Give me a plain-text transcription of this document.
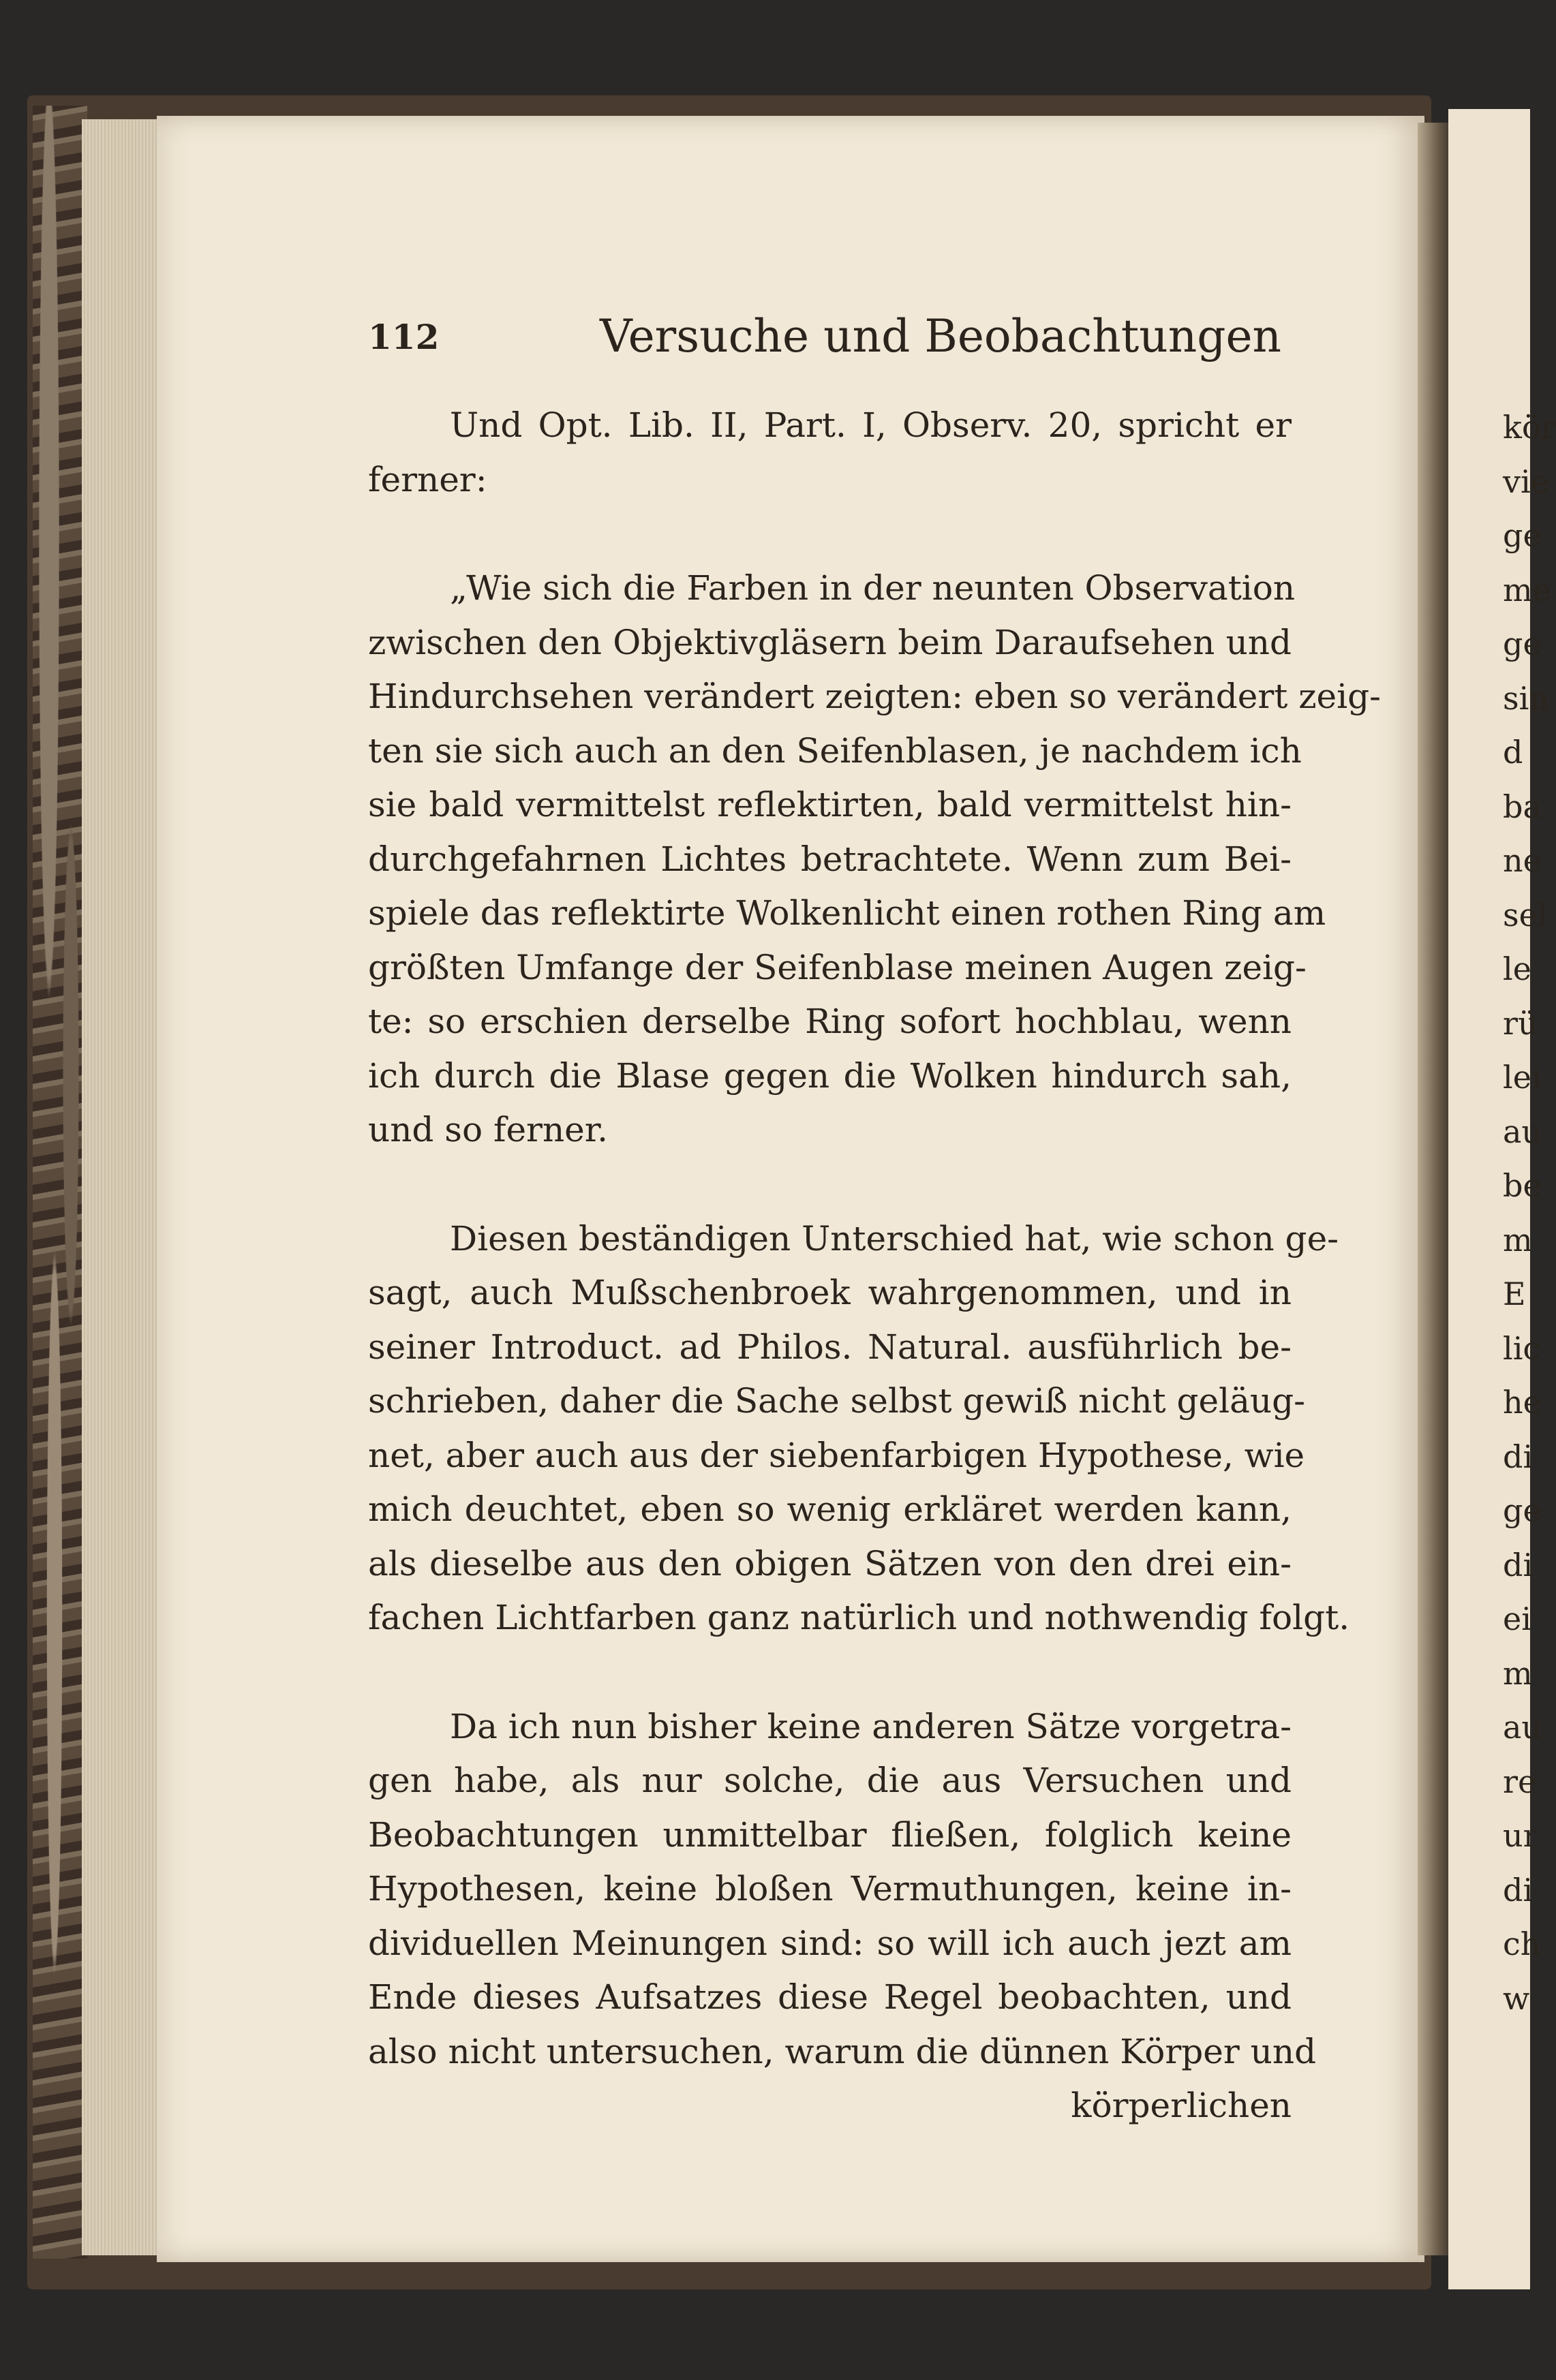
kör
vie
ge
me
ge
sin
d
ba
ne
sel
le
rü
lei
au
be
m
E
lic
he
di
ge
di
ei
m
au
re
ur
di
ch
w
112	Versuche und Beobachtungen
Und Opt. Lib. II, Part. I, Observ. 20, spricht er
ferner:
„Wie sich die Farben in der neunten Observation
zwischen den Objektivgläsern beim Daraufsehen und
Hindurchsehen verändert zeigten: eben so verändert zeig-
ten sie sich auch an den Seifenblasen, je nachdem ich
sie bald vermittelst reflektirten, bald vermittelst hin-
durchgefahrnen Lichtes betrachtete. Wenn zum Bei-
spiele das reflektirte Wolkenlicht einen rothen Ring am
größten Umfange der Seifenblase meinen Augen zeig-
te: so erschien derselbe Ring sofort hochblau, wenn
ich durch die Blase gegen die Wolken hindurch sah,
und so ferner.
Diesen beständigen Unterschied hat, wie schon ge-
sagt, auch Mußschenbroek wahrgenommen, und in
seiner Introduct. ad Philos. Natural. ausführlich be-
schrieben, daher die Sache selbst gewiß nicht geläug-
net, aber auch aus der siebenfarbigen Hypothese, wie
mich deuchtet, eben so wenig erkläret werden kann,
als dieselbe aus den obigen Sätzen von den drei ein-
fachen Lichtfarben ganz natürlich und nothwendig folgt.
Da ich nun bisher keine anderen Sätze vorgetra-
gen habe, als nur solche, die aus Versuchen und
Beobachtungen unmittelbar fließen, folglich keine
Hypothesen, keine bloßen Vermuthungen, keine in-
dividuellen Meinungen sind: so will ich auch jezt am
Ende dieses Aufsatzes diese Regel beobachten, und
also nicht untersuchen, warum die dünnen Körper und
körperlichen
